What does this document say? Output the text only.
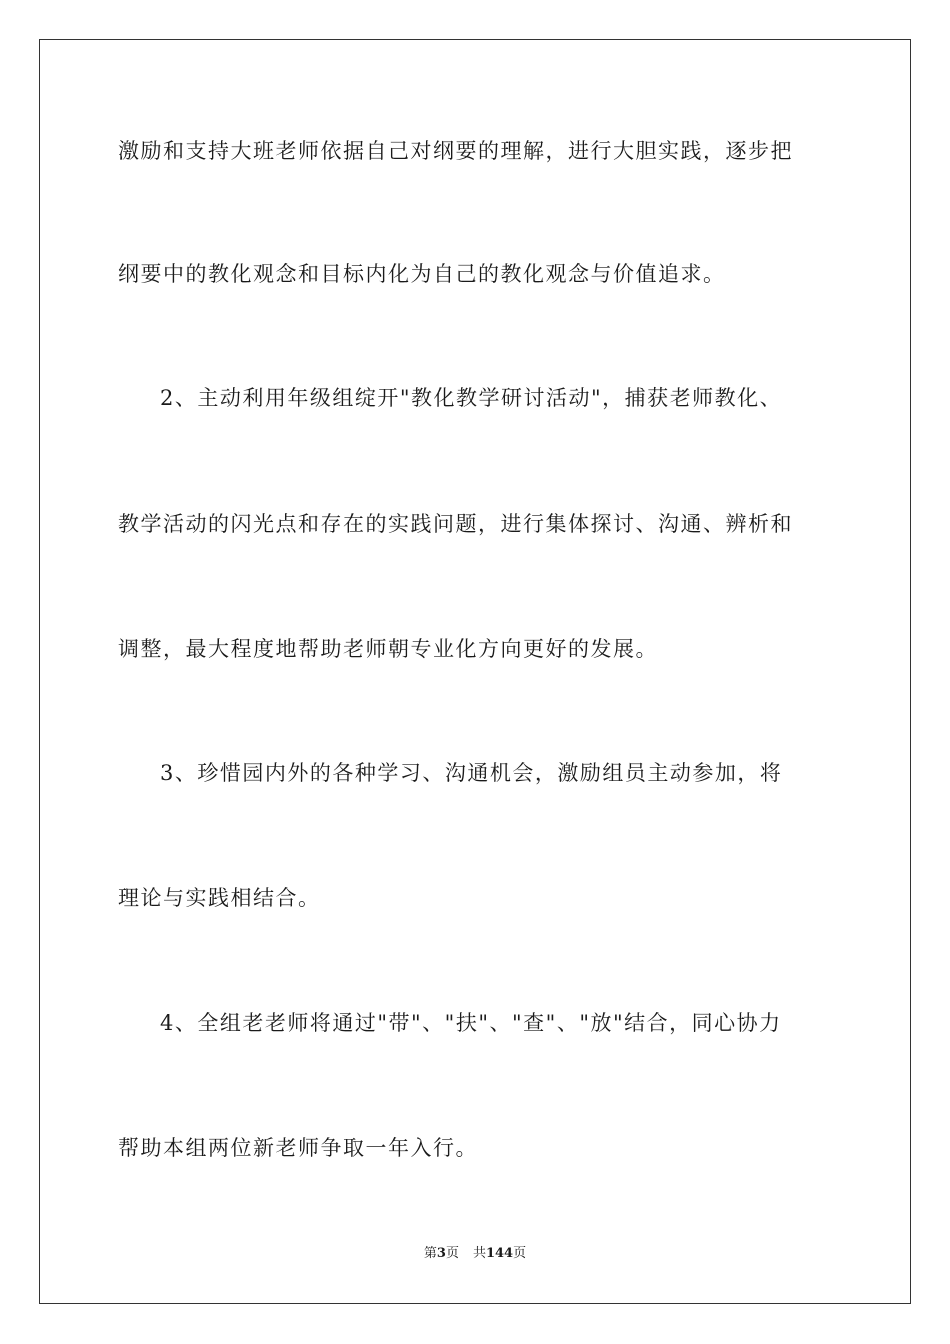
激励和支持大班老师依据自己对纲要的理解，进行大胆实践，逐步把
纲要中的教化观念和目标内化为自己的教化观念与价值追求。
2、主动利用年级组绽开"教化教学研讨活动"，捕获老师教化、
教学活动的闪光点和存在的实践问题，进行集体探讨、沟通、辨析和
调整，最大程度地帮助老师朝专业化方向更好的发展。
3、珍惜园内外的各种学习、沟通机会，激励组员主动参加，将
理论与实践相结合。
4、全组老老师将通过"带"、"扶"、"查"、"放"结合，同心协力
帮助本组两位新老师争取一年入行。
第3页 共144页
